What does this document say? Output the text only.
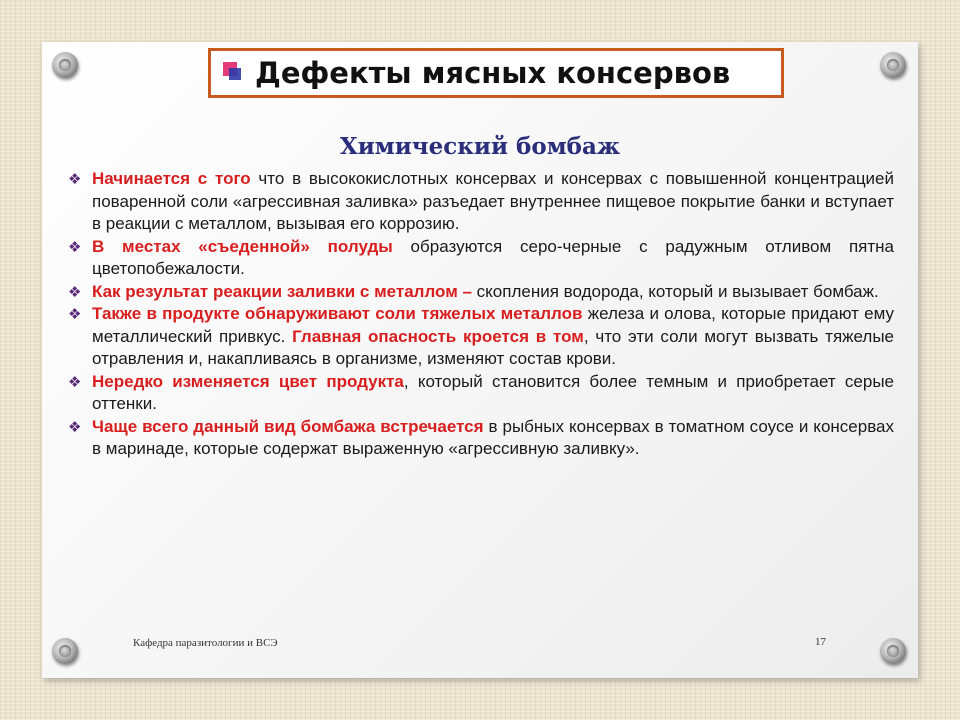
Дефекты мясных консервов
Химический бомбаж
❖ Начинается с того что в высококислотных консервах и консервах с повышенной концентрацией поваренной соли «агрессивная заливка» разъедает внутреннее пищевое покрытие банки и вступает в реакции с металлом, вызывая его коррозию.
❖ В местах «съеденной» полуды образуются серо-черные с радужным отливом пятна цветопобежалости.
❖ Как результат реакции заливки с металлом – скопления водорода, который и вызывает бомбаж.
❖ Также в продукте обнаруживают соли тяжелых металлов железа и олова, которые придают ему металлический привкус. Главная опасность кроется в том, что эти соли могут вызвать тяжелые отравления и, накапливаясь в организме, изменяют состав крови.
❖ Нередко изменяется цвет продукта, который становится более темным и приобретает серые оттенки.
❖ Чаще всего данный вид бомбажа встречается в рыбных консервах в томатном соусе и консервах в маринаде, которые содержат выраженную «агрессивную заливку».
Кафедра паразитологии и ВСЭ	17
